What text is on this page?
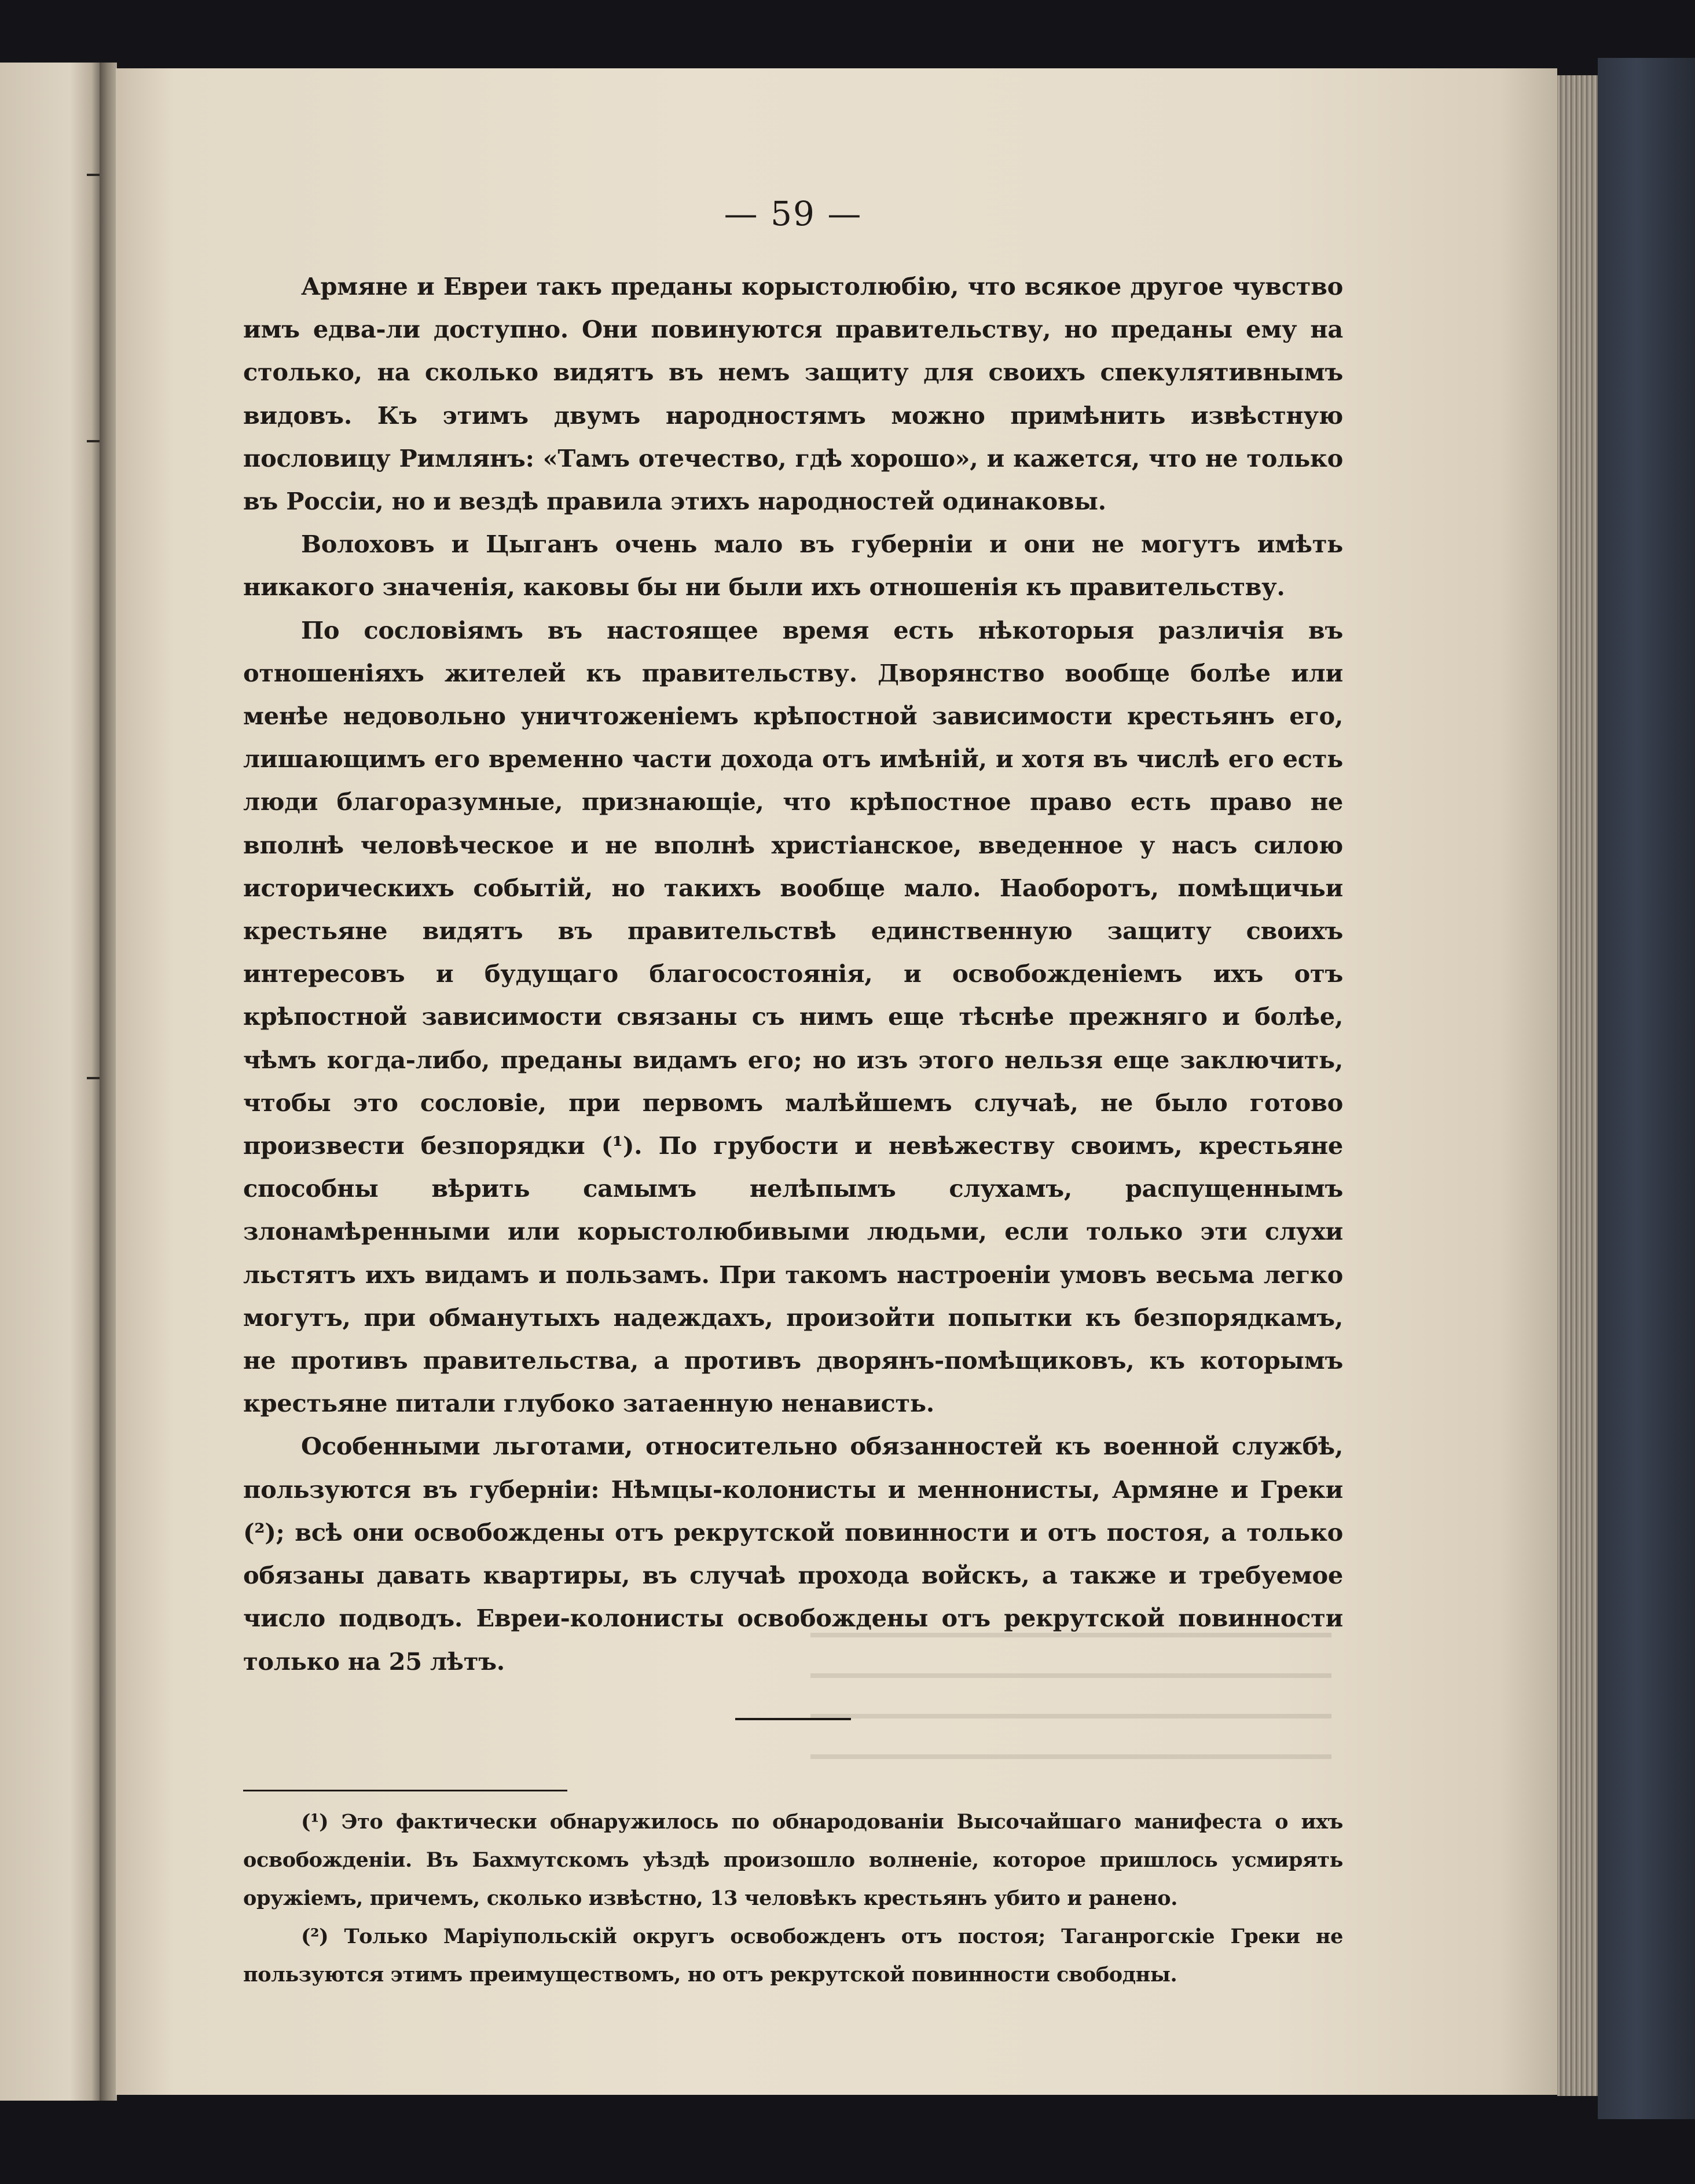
— 59 —

Армяне и Евреи такъ преданы корыстолюбію, что всякое другое чувство имъ едва-ли доступно. Они повинуются правительству, но преданы ему на столько, на сколько видятъ въ немъ защиту для своихъ спекулятивнымъ видовъ. Къ этимъ двумъ народностямъ можно примѣнить извѣстную пословицу Римлянъ: «Тамъ отечество, гдѣ хорошо», и кажется, что не только въ Россіи, но и вездѣ правила этихъ народностей одинаковы.

Волоховъ и Цыганъ очень мало въ губерніи и они не могутъ имѣть никакого значенія, каковы бы ни были ихъ отношенія къ правительству.

По сословіямъ въ настоящее время есть нѣкоторыя различія въ отношеніяхъ жителей къ правительству. Дворянство вообще болѣе или менѣе недовольно уничтоженіемъ крѣпостной зависимости крестьянъ его, лишающимъ его временно части дохода отъ имѣній, и хотя въ числѣ его есть люди благоразумные, признающіе, что крѣпостное право есть право не вполнѣ человѣческое и не вполнѣ христіанское, введенное у насъ силою историческихъ событій, но такихъ вообще мало. Наоборотъ, помѣщичьи крестьяне видятъ въ правительствѣ единственную защиту своихъ интересовъ и будущаго благосостоянія, и освобожденіемъ ихъ отъ крѣпостной зависимости связаны съ нимъ еще тѣснѣе прежняго и болѣе, чѣмъ когда-либо, преданы видамъ его; но изъ этого нельзя еще заключить, чтобы это сословіе, при первомъ малѣйшемъ случаѣ, не было готово произвести безпорядки (¹). По грубости и невѣжеству своимъ, крестьяне способны вѣрить самымъ нелѣпымъ слухамъ, распущеннымъ злонамѣренными или корыстолюбивыми людьми, если только эти слухи льстятъ ихъ видамъ и пользамъ. При такомъ настроеніи умовъ весьма легко могутъ, при обманутыхъ надеждахъ, произойти попытки къ безпорядкамъ, не противъ правительства, а противъ дворянъ-помѣщиковъ, къ которымъ крестьяне питали глубоко затаенную ненависть.

Особенными льготами, относительно обязанностей къ военной службѣ, пользуются въ губерніи: Нѣмцы-колонисты и меннонисты, Армяне и Греки (²); всѣ они освобождены отъ рекрутской повинности и отъ постоя, а только обязаны давать квартиры, въ случаѣ прохода войскъ, а также и требуемое число подводъ. Евреи-колонисты освобождены отъ рекрутской повинности только на 25 лѣтъ.

(¹) Это фактически обнаружилось по обнародованіи Высочайшаго манифеста о ихъ освобожденіи. Въ Бахмутскомъ уѣздѣ произошло волненіе, которое пришлось усмирять оружіемъ, причемъ, сколько извѣстно, 13 человѣкъ крестьянъ убито и ранено.

(²) Только Маріупольскій округъ освобожденъ отъ постоя; Таганрогскіе Греки не пользуются этимъ преимуществомъ, но отъ рекрутской повинности свободны.
